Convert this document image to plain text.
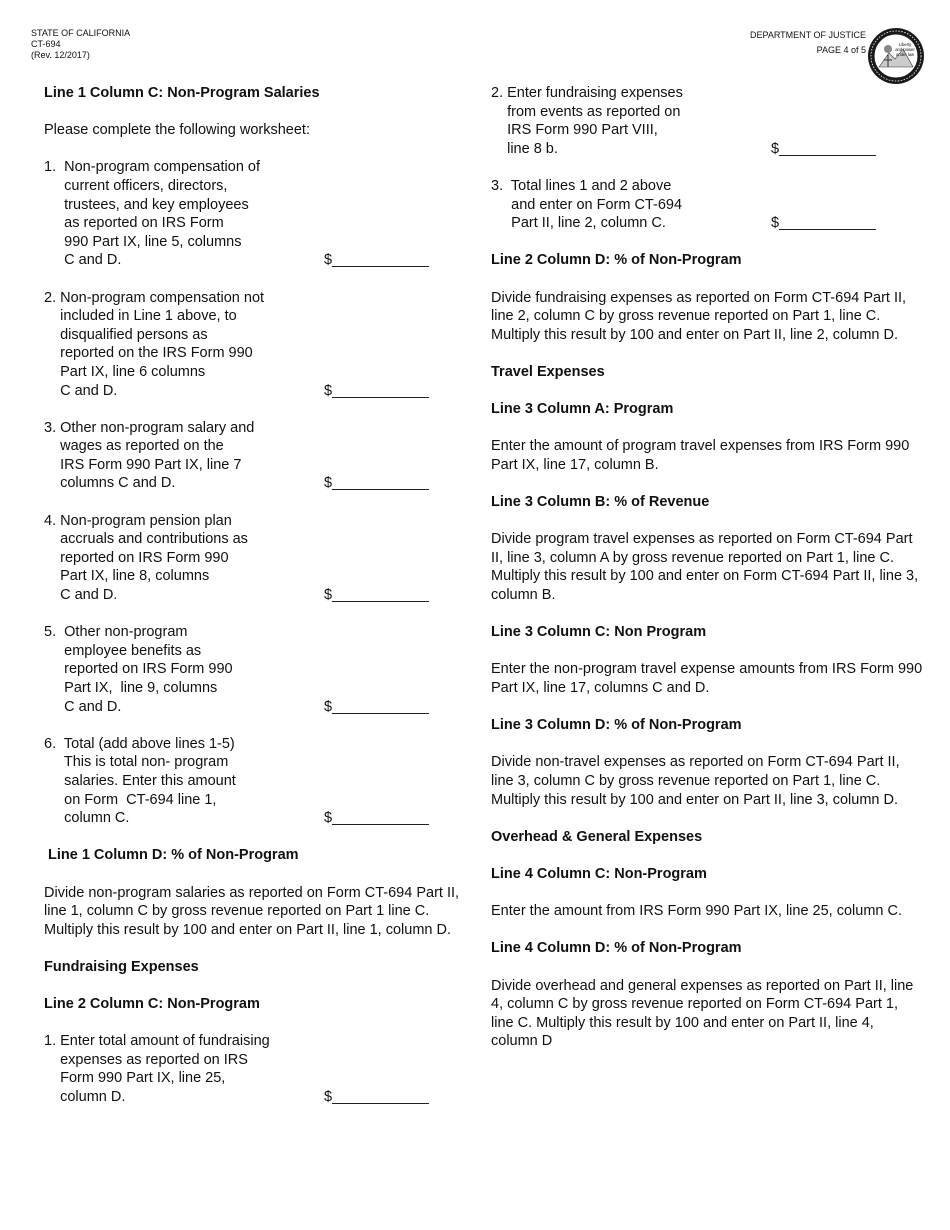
STATE OF CALIFORNIA
CT-694
(Rev. 12/2017)
DEPARTMENT OF JUSTICE
PAGE 4 of 5
Liberty
and power
under law
Line 1 Column C: Non-Program Salaries
Please complete the following worksheet:
1.  Non-program compensation of
current officers, directors,
trustees, and key employees
as reported on IRS Form
990 Part IX, line 5, columns
C and D.	$____________
2. Non-program compensation not
included in Line 1 above, to
disqualified persons as
reported on the IRS Form 990
Part IX, line 6 columns
C and D.	$____________
3. Other non-program salary and
wages as reported on the
IRS Form 990 Part IX, line 7
columns C and D.	$____________
4. Non-program pension plan
accruals and contributions as
reported on IRS Form 990
Part IX, line 8, columns
C and D.	$____________
5.  Other non-program
employee benefits as
reported on IRS Form 990
Part IX,  line 9, columns
C and D.	$____________
6.  Total (add above lines 1-5)
This is total non- program
salaries. Enter this amount
on Form  CT-694 line 1,
column C.	$____________
Line 1 Column D: % of Non-Program
Divide non-program salaries as reported on Form CT-694 Part II, line 1, column C by gross revenue reported on Part 1 line C. Multiply this result by 100 and enter on Part II, line 1, column D.
Fundraising Expenses
Line 2 Column C: Non-Program
1. Enter total amount of fundraising
expenses as reported on IRS
Form 990 Part IX, line 25,
column D.	$____________
2. Enter fundraising expenses
from events as reported on
IRS Form 990 Part VIII,
line 8 b.	$____________
3.  Total lines 1 and 2 above
and enter on Form CT-694
Part II, line 2, column C.	$____________
Line 2 Column D: % of Non-Program
Divide fundraising expenses as reported on Form CT-694 Part II, line 2, column C by gross revenue reported on Part 1, line C. Multiply this result by 100 and enter on Part II, line 2, column D.
Travel Expenses
Line 3 Column A: Program
Enter the amount of program travel expenses from IRS Form 990 Part IX, line 17, column B.
Line 3 Column B: % of Revenue
Divide program travel expenses as reported on Form CT-694 Part II, line 3, column A by gross revenue reported on Part 1, line C. Multiply this result by 100 and enter on Form CT-694 Part II, line 3, column B.
Line 3 Column C: Non Program
Enter the non-program travel expense amounts from IRS Form 990 Part IX, line 17, columns C and D.
Line 3 Column D: % of Non-Program
Divide non-travel expenses as reported on Form CT-694 Part II, line 3, column C by gross revenue reported on Part 1, line C. Multiply this result by 100 and enter on Part II, line 3, column D.
Overhead & General Expenses
Line 4 Column C: Non-Program
Enter the amount from IRS Form 990 Part IX, line 25, column C.
Line 4 Column D: % of Non-Program
Divide overhead and general expenses as reported on Part II, line 4, column C by gross revenue reported on Form CT-694 Part 1, line C. Multiply this result by 100 and enter on Part II, line 4, column D
